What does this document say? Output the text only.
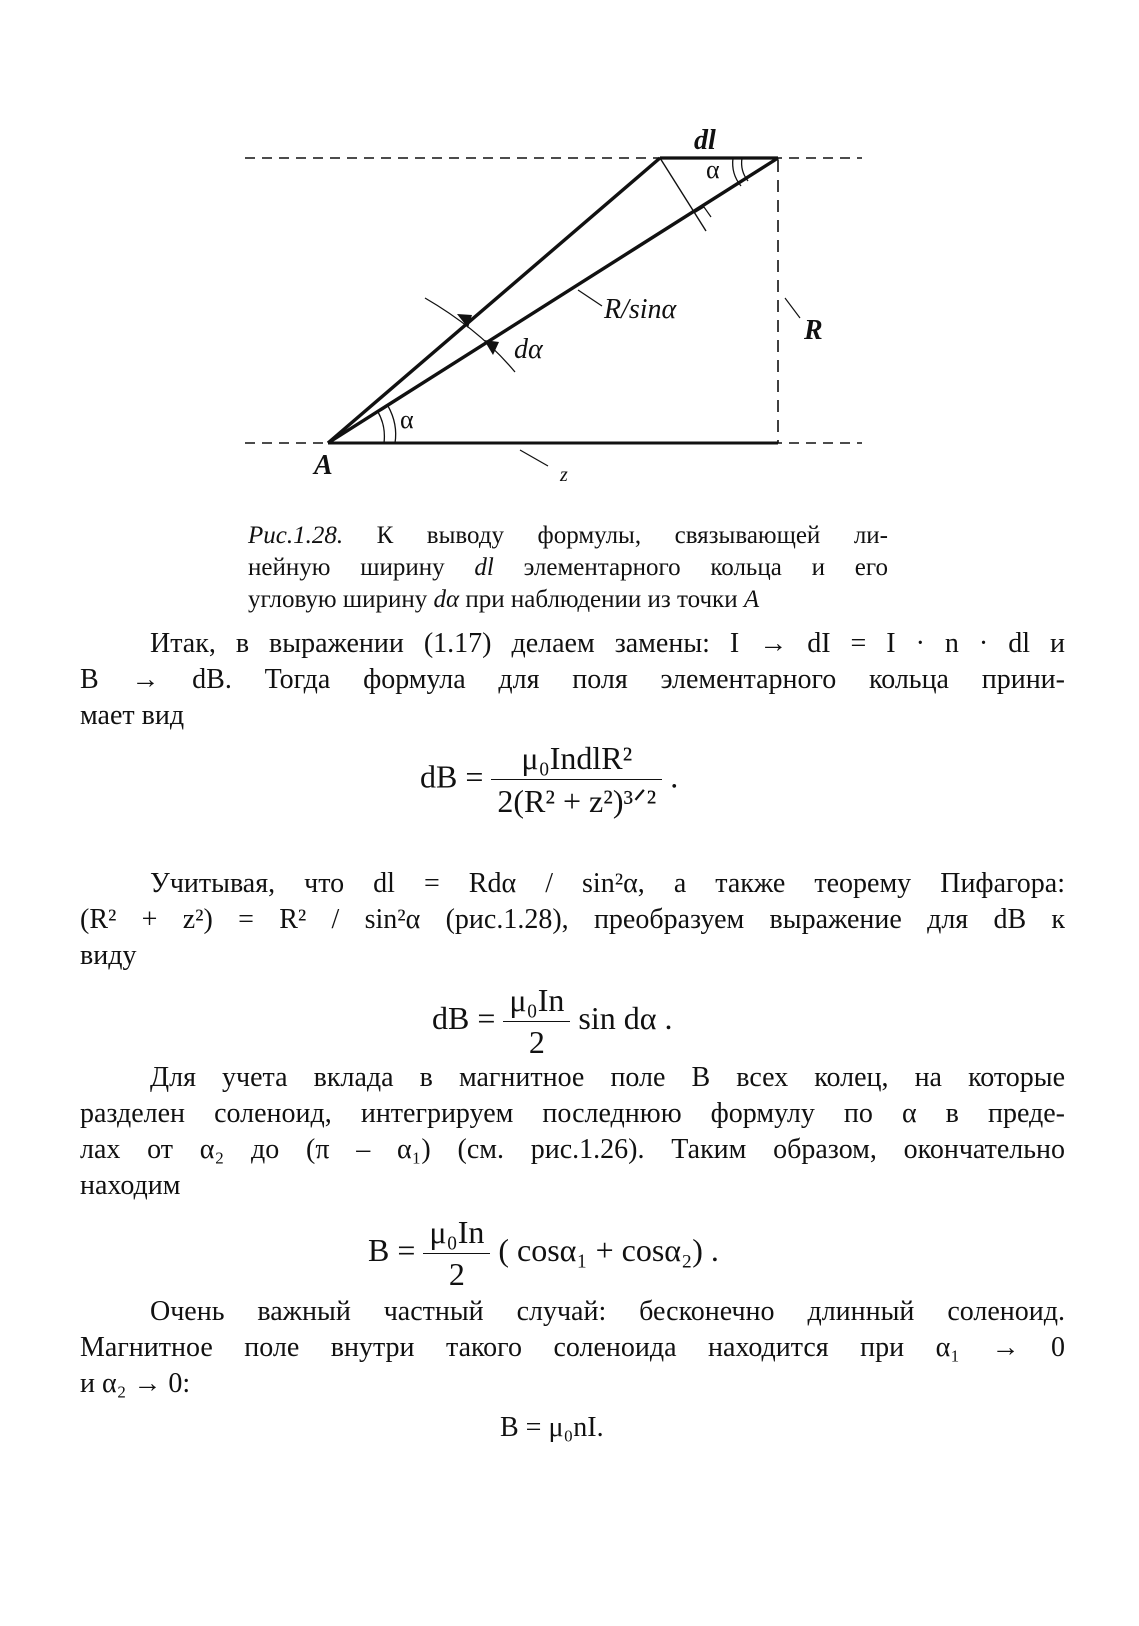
dl
α
R/sinα
R
dα
α
A	z
Рис.1.28. К выводу формулы, связывающей ли-
нейную ширину dl элементарного кольца и его
угловую ширину dα при наблюдении из точки A
Итак, в выражении (1.17) делаем замены: I → dI = I · n · dl и
B → dB. Тогда формула для поля элементарного кольца прини-
мает вид
dB = $\frac{\text{μ₀IndlR²}}{\text{2(R² + z²)³ᐟ²}}$ .
Учитывая, что dl = Rdα / sin²α, а также теорему Пифагора:
(R² + z²) = R² / sin²α (рис.1.28), преобразуем выражение для dB к
виду
dB = $\frac{\text{μ₀In}}{2}$ sin dα .
Для учета вклада в магнитное поле B всех колец, на которые
разделен соленоид, интегрируем последнюю формулу по α в преде-
лах от α₂ до (π – α₁) (см. рис.1.26). Таким образом, окончательно
находим
$B = \frac{\text{μ₀In}}{2}$ ( cosα₁ + cosα₂) .
Очень важный частный случай: бесконечно длинный соленоид.
Магнитное поле внутри такого соленоида находится при α₁ → 0
и α₂ → 0:
B = μ₀nI.
